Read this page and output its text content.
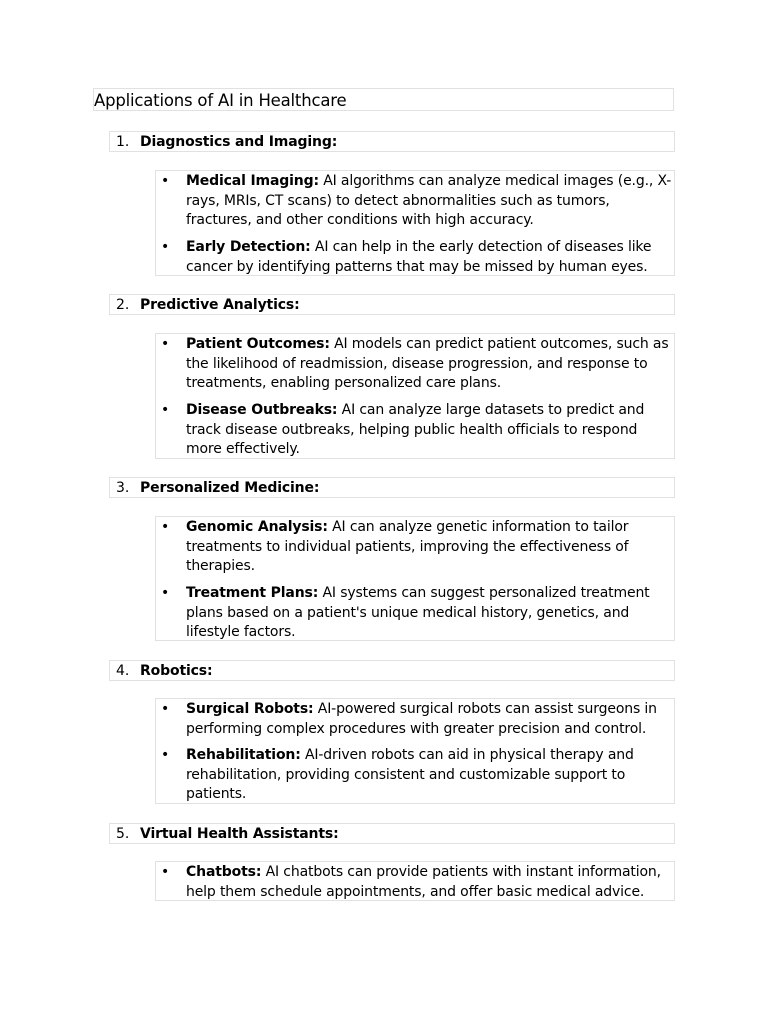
Applications of AI in Healthcare
1. Diagnostics and Imaging:
• Medical Imaging: AI algorithms can analyze medical images (e.g., X-rays, MRIs, CT scans) to detect abnormalities such as tumors, fractures, and other conditions with high accuracy.
• Early Detection: AI can help in the early detection of diseases like cancer by identifying patterns that may be missed by human eyes.
2. Predictive Analytics:
• Patient Outcomes: AI models can predict patient outcomes, such as the likelihood of readmission, disease progression, and response to treatments, enabling personalized care plans.
• Disease Outbreaks: AI can analyze large datasets to predict and track disease outbreaks, helping public health officials to respond more effectively.
3. Personalized Medicine:
• Genomic Analysis: AI can analyze genetic information to tailor treatments to individual patients, improving the effectiveness of therapies.
• Treatment Plans: AI systems can suggest personalized treatment plans based on a patient's unique medical history, genetics, and lifestyle factors.
4. Robotics:
• Surgical Robots: AI-powered surgical robots can assist surgeons in performing complex procedures with greater precision and control.
• Rehabilitation: AI-driven robots can aid in physical therapy and rehabilitation, providing consistent and customizable support to patients.
5. Virtual Health Assistants:
• Chatbots: AI chatbots can provide patients with instant information, help them schedule appointments, and offer basic medical advice.
